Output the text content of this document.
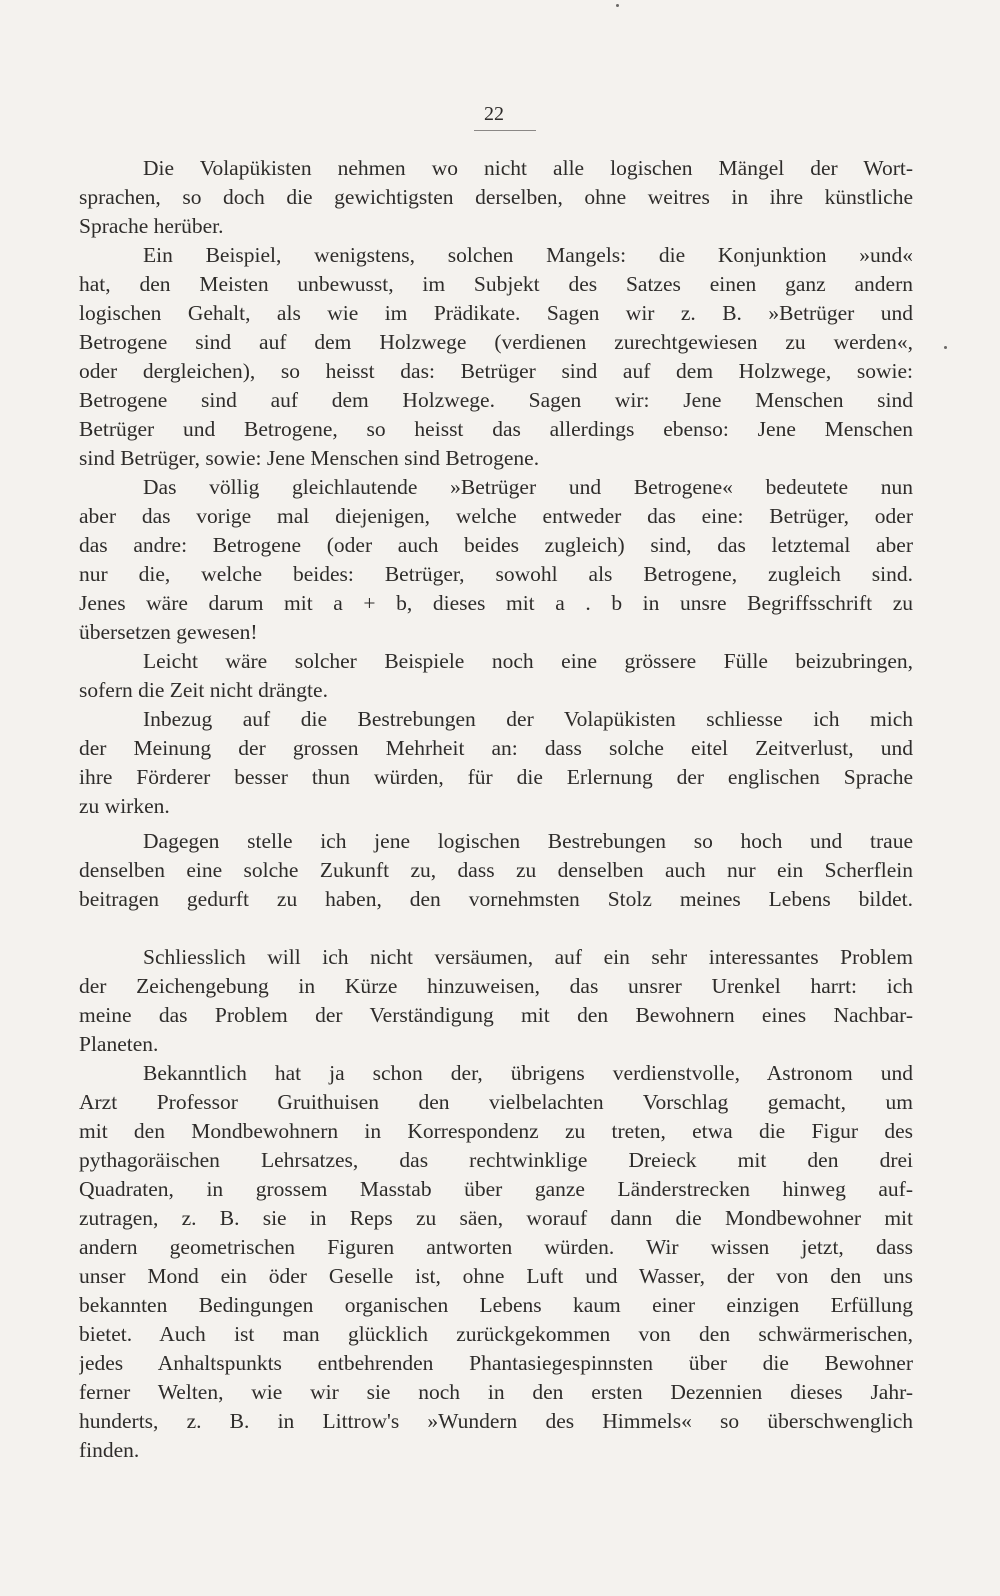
22
Die Volapükisten nehmen wo nicht alle logischen Mängel der Wort-
sprachen, so doch die gewichtigsten derselben, ohne weitres in ihre künstliche
Sprache herüber.
Ein Beispiel, wenigstens, solchen Mangels: die Konjunktion »und«
hat, den Meisten unbewusst, im Subjekt des Satzes einen ganz andern
logischen Gehalt, als wie im Prädikate. Sagen wir z. B. »Betrüger und
Betrogene sind auf dem Holzwege (verdienen zurechtgewiesen zu werden«,
oder dergleichen), so heisst das: Betrüger sind auf dem Holzwege, sowie:
Betrogene sind auf dem Holzwege. Sagen wir: Jene Menschen sind
Betrüger und Betrogene, so heisst das allerdings ebenso: Jene Menschen
sind Betrüger, sowie: Jene Menschen sind Betrogene.
Das völlig gleichlautende »Betrüger und Betrogene« bedeutete nun
aber das vorige mal diejenigen, welche entweder das eine: Betrüger, oder
das andre: Betrogene (oder auch beides zugleich) sind, das letztemal aber
nur die, welche beides: Betrüger, sowohl als Betrogene, zugleich sind.
Jenes wäre darum mit a + b, dieses mit a . b in unsre Begriffsschrift zu
übersetzen gewesen!
Leicht wäre solcher Beispiele noch eine grössere Fülle beizubringen,
sofern die Zeit nicht drängte.
Inbezug auf die Bestrebungen der Volapükisten schliesse ich mich
der Meinung der grossen Mehrheit an: dass solche eitel Zeitverlust, und
ihre Förderer besser thun würden, für die Erlernung der englischen Sprache
zu wirken.
Dagegen stelle ich jene logischen Bestrebungen so hoch und traue
denselben eine solche Zukunft zu, dass zu denselben auch nur ein Scherflein
beitragen gedurft zu haben, den vornehmsten Stolz meines Lebens bildet.
Schliesslich will ich nicht versäumen, auf ein sehr interessantes Problem
der Zeichengebung in Kürze hinzuweisen, das unsrer Urenkel harrt: ich
meine das Problem der Verständigung mit den Bewohnern eines Nachbar-
Planeten.
Bekanntlich hat ja schon der, übrigens verdienstvolle, Astronom und
Arzt Professor Gruithuisen den vielbelachten Vorschlag gemacht, um
mit den Mondbewohnern in Korrespondenz zu treten, etwa die Figur des
pythagoräischen Lehrsatzes, das rechtwinklige Dreieck mit den drei
Quadraten, in grossem Masstab über ganze Länderstrecken hinweg auf-
zutragen, z. B. sie in Reps zu säen, worauf dann die Mondbewohner mit
andern geometrischen Figuren antworten würden. Wir wissen jetzt, dass
unser Mond ein öder Geselle ist, ohne Luft und Wasser, der von den uns
bekannten Bedingungen organischen Lebens kaum einer einzigen Erfüllung
bietet. Auch ist man glücklich zurückgekommen von den schwärmerischen,
jedes Anhaltspunkts entbehrenden Phantasiegespinnsten über die Bewohner
ferner Welten, wie wir sie noch in den ersten Dezennien dieses Jahr-
hunderts, z. B. in Littrow's »Wundern des Himmels« so überschwenglich
finden.
